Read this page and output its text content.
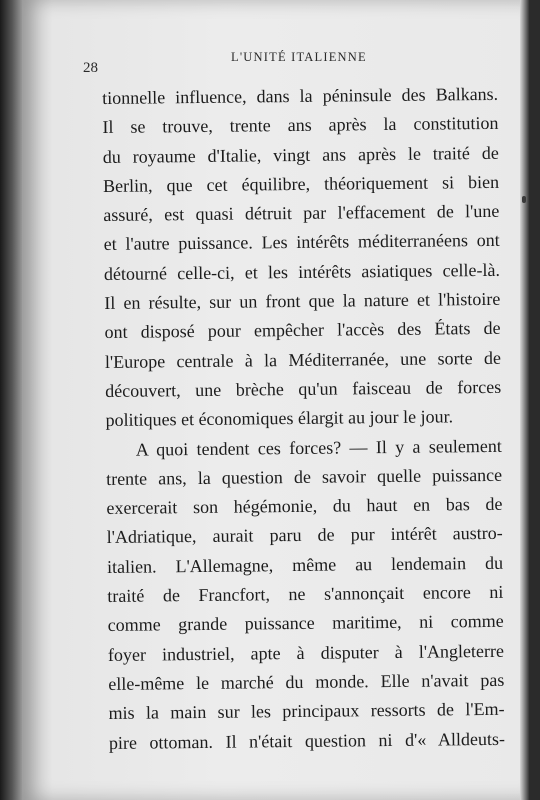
28
L'UNITÉ ITALIENNE
tionnelle influence, dans la péninsule des Balkans.
Il se trouve, trente ans après la constitution
du royaume d'Italie, vingt ans après le traité de
Berlin, que cet équilibre, théoriquement si bien
assuré, est quasi détruit par l'effacement de l'une
et l'autre puissance. Les intérêts méditerranéens ont
détourné celle-ci, et les intérêts asiatiques celle-là.
Il en résulte, sur un front que la nature et l'histoire
ont disposé pour empêcher l'accès des États de
l'Europe centrale à la Méditerranée, une sorte de
découvert, une brèche qu'un faisceau de forces
politiques et économiques élargit au jour le jour.
A quoi tendent ces forces? — Il y a seulement
trente ans, la question de savoir quelle puissance
exercerait son hégémonie, du haut en bas de
l'Adriatique, aurait paru de pur intérêt austro-
italien. L'Allemagne, même au lendemain du
traité de Francfort, ne s'annonçait encore ni
comme grande puissance maritime, ni comme
foyer industriel, apte à disputer à l'Angleterre
elle-même le marché du monde. Elle n'avait pas
mis la main sur les principaux ressorts de l'Em-
pire ottoman. Il n'était question ni d'« Alldeuts-
